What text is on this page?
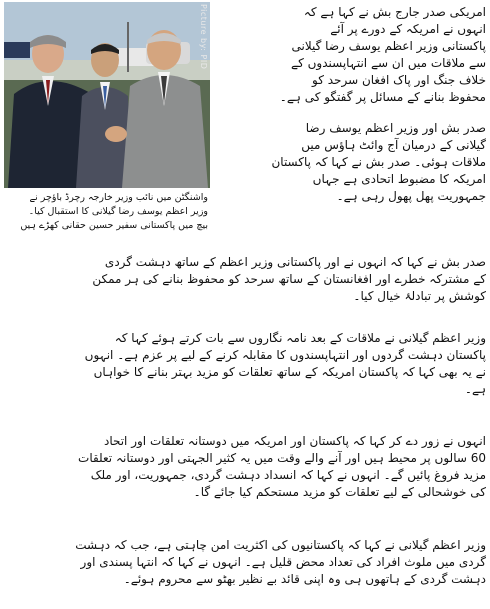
Picture by: PID
واشنگٹن میں نائب وزیر خارجہ رچرڈ باؤچر نے
وزیر اعظم یوسف رضا گیلانی کا استقبال کیا۔
بیچ میں پاکستانی سفیر حسین حقانی کھڑے ہیں
امریکی صدر جارج بش نے کہا ہے کہ
انہوں نے امریکہ کے دورے پر آئے
پاکستانی وزیر اعظم یوسف رضا گیلانی
سے ملاقات میں ان سے انتہاپسندوں کے
خلاف جنگ اور پاک افغان سرحد کو
محفوظ بنانے کے مسائل پر گفتگو کی ہے۔
صدر بش اور وزیر اعظم یوسف رضا
گیلانی کے درمیان آج وائٹ ہاؤس میں
ملاقات ہوئی۔ صدر بش نے کہا کہ پاکستان
امریکہ کا مضبوط اتحادی ہے جہاں
جمہوریت پھل پھول رہی ہے۔
صدر بش نے کہا کہ انہوں نے اور پاکستانی وزیر اعظم کے ساتھ دہشت گردی
کے مشترکہ خطرے اور افغانستان کے ساتھ سرحد کو محفوظ بنانے کی ہر ممکن
کوشش پر تبادلۂ خیال کیا۔
وزیر اعظم گیلانی نے ملاقات کے بعد نامہ نگاروں سے بات کرتے ہوئے کہا کہ
پاکستان دہشت گردوں اور انتہاپسندوں کا مقابلہ کرنے کے لیے پر عزم ہے۔ انہوں
نے یہ بھی کہا کہ پاکستان امریکہ کے ساتھ تعلقات کو مزید بہتر بنانے کا خواہاں
ہے۔
انہوں نے زور دے کر کہا کہ پاکستان اور امریکہ میں دوستانہ تعلقات اور اتحاد
60 سالوں پر محیط ہیں اور آنے والے وقت میں یہ کثیر الجہتی اور دوستانہ تعلقات
مزید فروغ پائیں گے۔ انہوں نے کہا کہ انسداد دہشت گردی، جمہوریت، اور ملک
کی خوشحالی کے لیے تعلقات کو مزید مستحکم کیا جائے گا۔
وزیر اعظم گیلانی نے کہا کہ پاکستانیوں کی اکثریت امن چاہتی ہے، جب کہ دہشت
گردی میں ملوث افراد کی تعداد محض قلیل ہے۔ انہوں نے کہا کہ انتہا پسندی اور
دہشت گردی کے ہاتھوں ہی وہ اپنی قائد بے نظیر بھٹو سے محروم ہوئے۔
